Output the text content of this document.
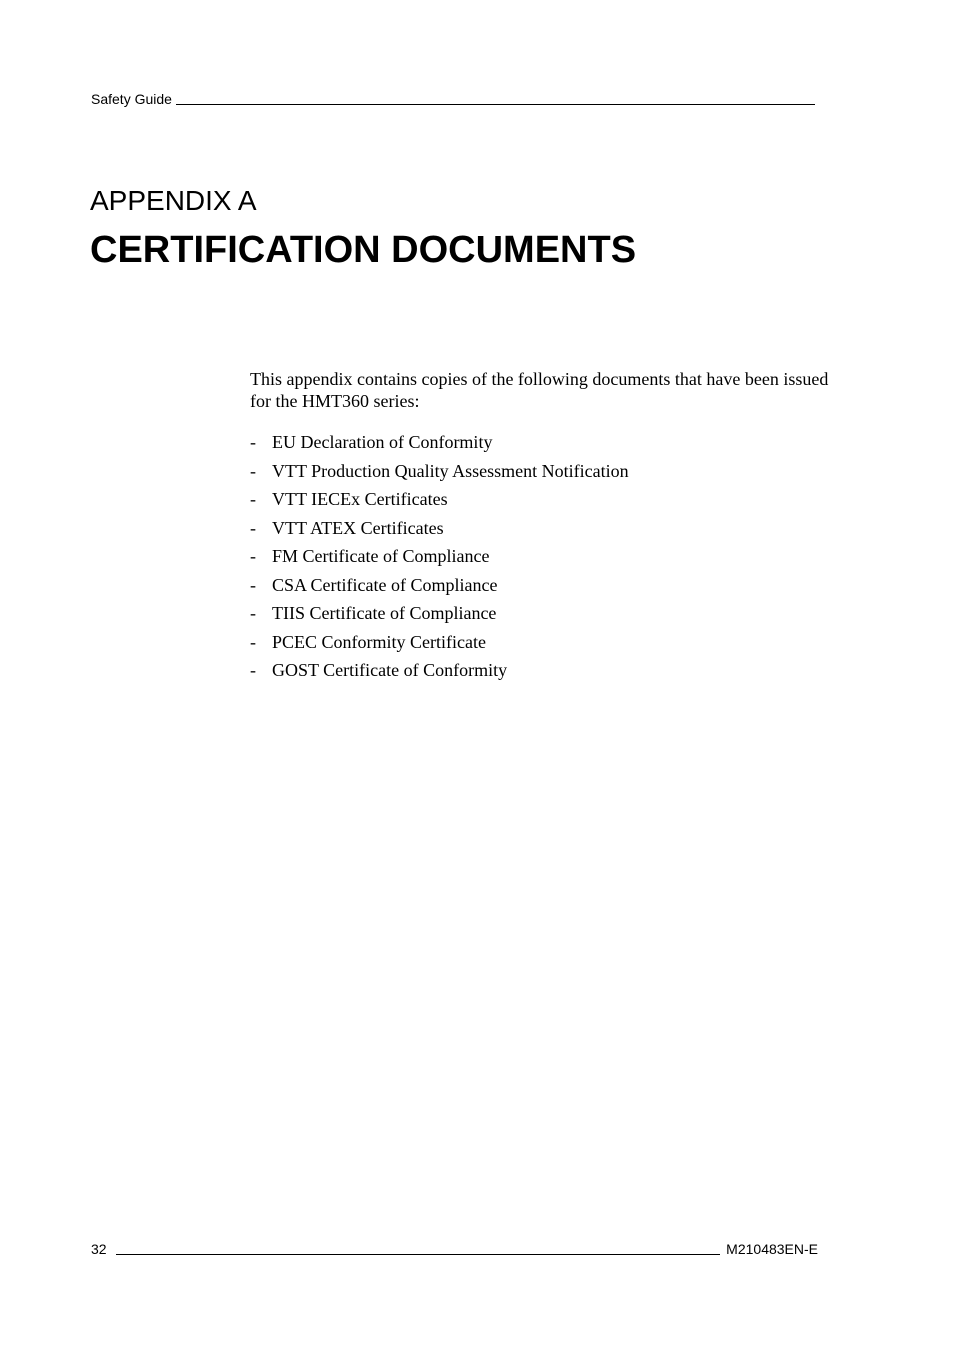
Safety Guide
APPENDIX A
CERTIFICATION DOCUMENTS

This appendix contains copies of the following documents that have been issued for the HMT360 series:

- EU Declaration of Conformity
- VTT Production Quality Assessment Notification
- VTT IECEx Certificates
- VTT ATEX Certificates
- FM Certificate of Compliance
- CSA Certificate of Compliance
- TIIS Certificate of Compliance
- PCEC Conformity Certificate
- GOST Certificate of Conformity
32	M210483EN-E
